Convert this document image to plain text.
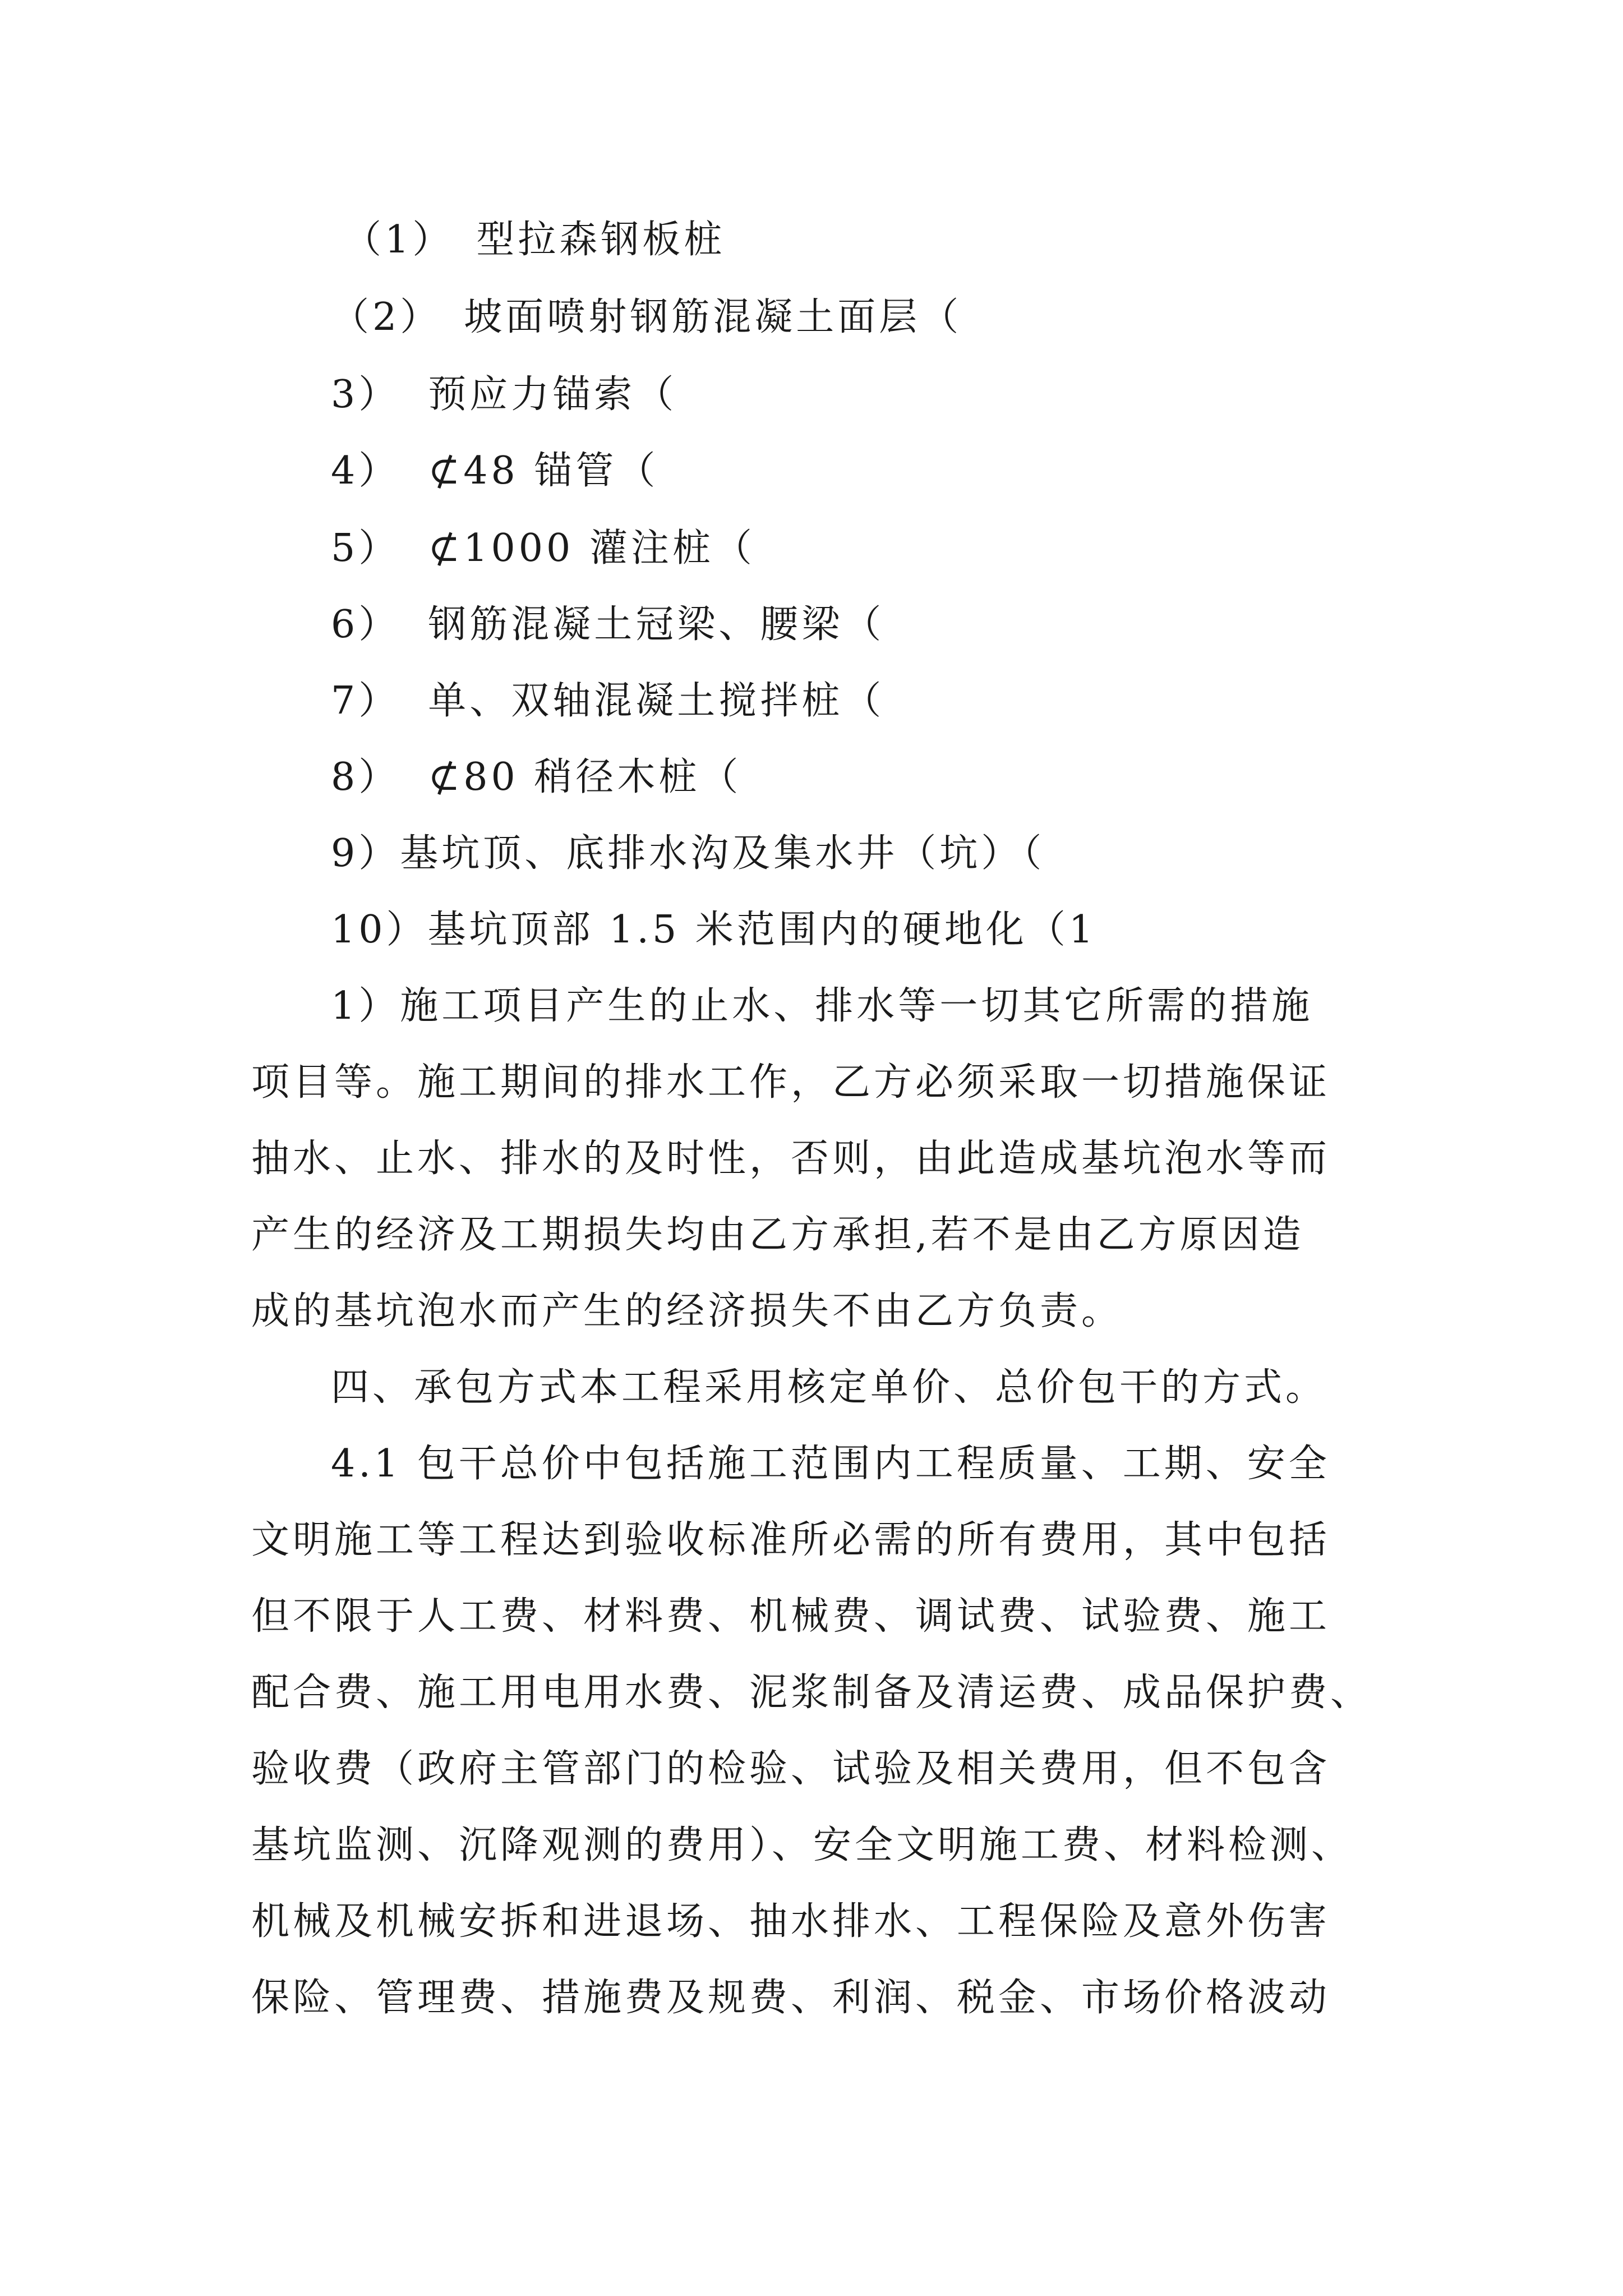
（1） 型拉森钢板桩
（2） 坡面喷射钢筋混凝土面层（
3） 预应力锚索（
4） ⊄48 锚管（
5） ⊄1000 灌注桩（
6） 钢筋混凝土冠梁、腰梁（
7） 单、双轴混凝土搅拌桩（
8） ⊄80 稍径木桩（
9）基坑顶、底排水沟及集水井（坑）（
10）基坑顶部 1.5 米范围内的硬地化（1
1）施工项目产生的止水、排水等一切其它所需的措施
项目等。施工期间的排水工作，乙方必须采取一切措施保证
抽水、止水、排水的及时性，否则，由此造成基坑泡水等而
产生的经济及工期损失均由乙方承担,若不是由乙方原因造
成的基坑泡水而产生的经济损失不由乙方负责。
四、承包方式本工程采用核定单价、总价包干的方式。
4.1 包干总价中包括施工范围内工程质量、工期、安全
文明施工等工程达到验收标准所必需的所有费用，其中包括
但不限于人工费、材料费、机械费、调试费、试验费、施工
配合费、施工用电用水费、泥浆制备及清运费、成品保护费、
验收费（政府主管部门的检验、试验及相关费用，但不包含
基坑监测、沉降观测的费用）、安全文明施工费、材料检测、
机械及机械安拆和进退场、抽水排水、工程保险及意外伤害
保险、管理费、措施费及规费、利润、税金、市场价格波动
